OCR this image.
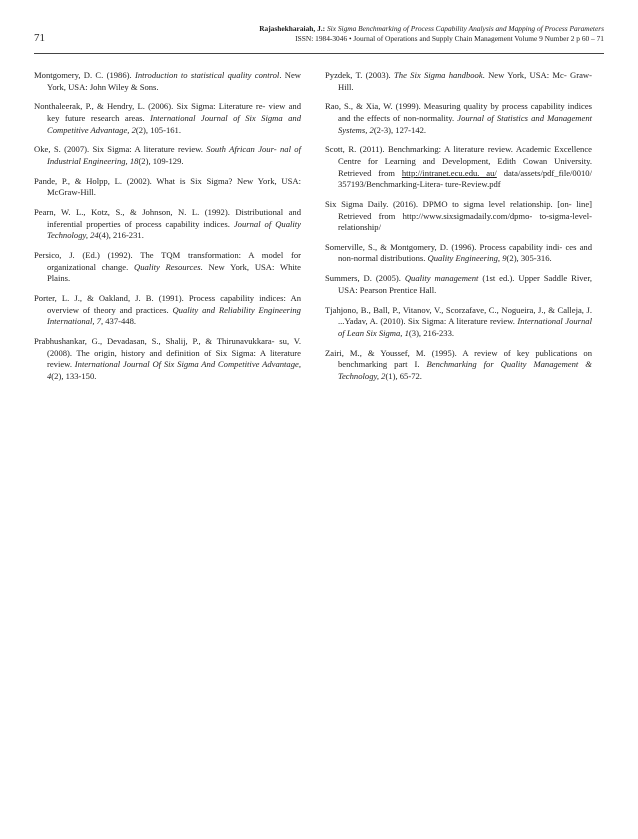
71
Rajashekharaiah, J.: Six Sigma Benchmarking of Process Capability Analysis and Mapping of Process Parameters
ISSN: 1984-3046 • Journal of Operations and Supply Chain Management Volume 9 Number 2 p 60 – 71

Montgomery, D. C. (1986). Introduction to statistical quality control. New York, USA: John Wiley & Sons.

Nonthaleerak, P., & Hendry, L. (2006). Six Sigma: Literature re- view and key future research areas. International Journal of Six Sigma and Competitive Advantage, 2(2), 105-161.

Oke, S. (2007). Six Sigma: A literature review. South African Jour- nal of Industrial Engineering, 18(2), 109-129.

Pande, P., & Holpp, L. (2002). What is Six Sigma? New York, USA: McGraw-Hill.

Pearn, W. L., Kotz, S., & Johnson, N. L. (1992). Distributional and inferential properties of process capability indices. Journal of Quality Technology, 24(4), 216-231.

Persico, J. (Ed.) (1992). The TQM transformation: A model for organizational change. Quality Resources. New York, USA: White Plains.

Porter, L. J., & Oakland, J. B. (1991). Process capability indices: An overview of theory and practices. Quality and Reliability Engineering International, 7, 437-448.

Prabhushankar, G., Devadasan, S., Shalij, P., & Thirunavukkara- su, V. (2008). The origin, history and definition of Six Sigma: A literature review. International Journal Of Six Sigma And Competitive Advantage, 4(2), 133-150.

Pyzdek, T. (2003). The Six Sigma handbook. New York, USA: Mc- Graw-Hill.

Rao, S., & Xia, W. (1999). Measuring quality by process capability indices and the effects of non-normality. Journal of Statistics and Management Systems, 2(2-3), 127-142.

Scott, R. (2011). Benchmarking: A literature review. Academic Excellence Centre for Learning and Development, Edith Cowan University. Retrieved from http://intranet.ecu.edu. au/ data/assets/pdf_file/0010/ 357193/Benchmarking-Litera- ture-Review.pdf

Six Sigma Daily. (2016). DPMO to sigma level relationship. [on- line] Retrieved from http://www.sixsigmadaily.com/dpmo- to-sigma-level-relationship/

Somerville, S., & Montgomery, D. (1996). Process capability indi- ces and non-normal distributions. Quality Engineering, 9(2), 305-316.

Summers, D. (2005). Quality management (1st ed.). Upper Saddle River, USA: Pearson Prentice Hall.

Tjahjono, B., Ball, P., Vitanov, V., Scorzafave, C., Nogueira, J., & Calleja, J. ...Yadav, A. (2010). Six Sigma: A literature review. International Journal of Lean Six Sigma, 1(3), 216-233.

Zairi, M., & Youssef, M. (1995). A review of key publications on benchmarking part I. Benchmarking for Quality Management & Technology, 2(1), 65-72.
